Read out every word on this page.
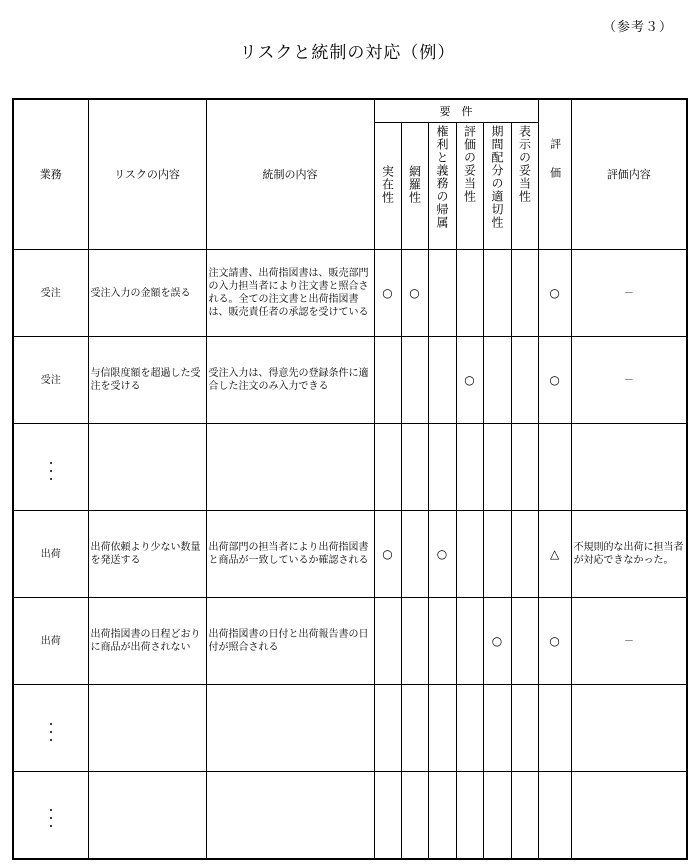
（参考３）
リスクと統制の対応（例）
業務	リスクの内容	統制の内容	要　件						評価	評価内容
			実在性	網羅性	権利と義務の帰属	評価の妥当性	期間配分の適切性	表示の妥当性		
受注	受注入力の金額を誤る	注文請書、出荷指図書は、販売部門の入力担当者により注文書と照合される。全ての注文書と出荷指図書は、販売責任者の承認を受けている	○	○					○	－
受注	与信限度額を超過した受注を受ける	受注入力は、得意先の登録条件に適合した注文のみ入力できる				○			○	－

出荷	出荷依頼より少ない数量を発送する	出荷部門の担当者により出荷指図書と商品が一致しているか確認される	○		○				△	不規則的な出荷に担当者が対応できなかった。
出荷	出荷指図書の日程どおりに商品が出荷されない	出荷指図書の日付と出荷報告書の日付が照合される					○		○	－
